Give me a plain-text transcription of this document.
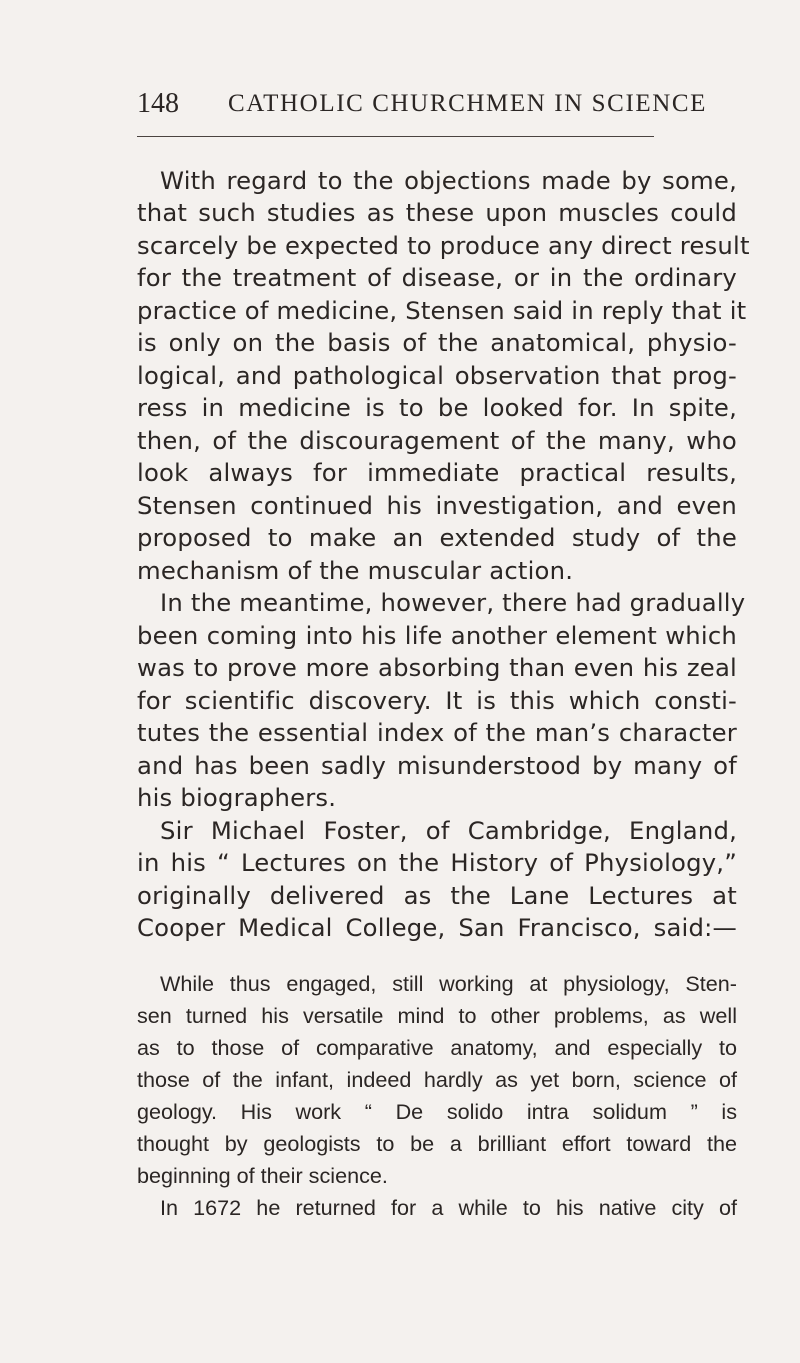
148 CATHOLIC CHURCHMEN IN SCIENCE
With regard to the objections made by some,
that such studies as these upon muscles could
scarcely be expected to produce any direct result
for the treatment of disease, or in the ordinary
practice of medicine, Stensen said in reply that it
is only on the basis of the anatomical, physio-
logical, and pathological observation that prog-
ress in medicine is to be looked for. In spite,
then, of the discouragement of the many, who
look always for immediate practical results,
Stensen continued his investigation, and even
proposed to make an extended study of the
mechanism of the muscular action.
In the meantime, however, there had gradually
been coming into his life another element which
was to prove more absorbing than even his zeal
for scientific discovery. It is this which consti-
tutes the essential index of the man’s character
and has been sadly misunderstood by many of
his biographers.
Sir Michael Foster, of Cambridge, England,
in his “ Lectures on the History of Physiology,”
originally delivered as the Lane Lectures at
Cooper Medical College, San Francisco, said:—
While thus engaged, still working at physiology, Sten-
sen turned his versatile mind to other problems, as well
as to those of comparative anatomy, and especially to
those of the infant, indeed hardly as yet born, science of
geology. His work “ De solido intra solidum ” is
thought by geologists to be a brilliant effort toward the
beginning of their science.
In 1672 he returned for a while to his native city of
